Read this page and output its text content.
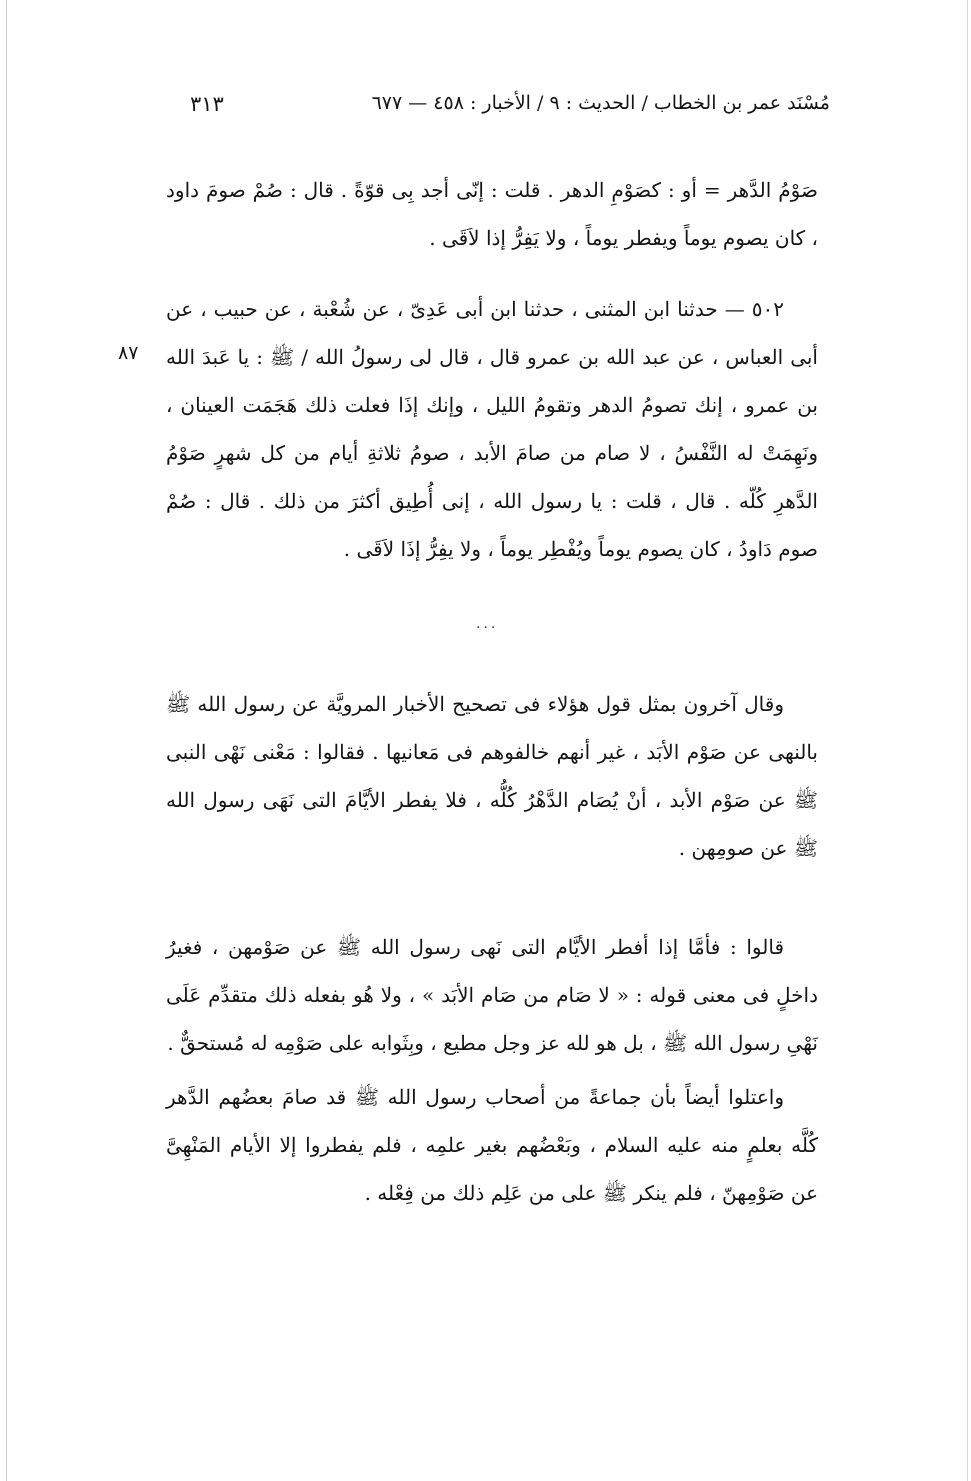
مُسْنَد عمر بن الخطاب / الحديث : ٩ / الأخبار : ٤٥٨ — ٦٧٧
٣١٣

صَوْمُ الدَّهر = أو : كصَوْمِ الدهر . قلت : إنّى أجد بِى قوّةً . قال : صُمْ صومَ داود ، كان يصوم يوماً ويفطر يوماً ، ولا يَفِرُّ إذا لاَقَى .

٥٠٢ — حدثنا ابن المثنى ، حدثنا ابن أبى عَدِىّ ، عن شُعْبة ، عن حبيب ، عن أبى العباس ، عن عبد الله بن عمرو قال ، قال لى رسولُ الله / ﷺ : يا عَبدَ الله بن عمرو ، إنك تصومُ الدهر وتقومُ الليل ، وإنك إذَا فعلت ذلك هَجَمَت العينان ، ونَهِمَتْ له النَّفْسُ ، لا صام من صامَ الأبد ، صومُ ثلاثةِ أيام من كل شهرٍ صَوْمُ الدَّهرِ كُلّه . قال ، قلت : يا رسول الله ، إنى أُطِيق أكثرَ من ذلك . قال : صُمْ صوم دَاودُ ، كان يصوم يوماً ويُفْطِر يوماً ، ولا يفِرُّ إذَا لاَقَى .

٨٧
...

وقال آخرون بمثل قول هؤلاء فى تصحيح الأخبار المرويَّة عن رسول الله ﷺ بالنهى عن صَوْم الأبَد ، غير أنهم خالفوهم فى مَعانيها . فقالوا : مَعْنى نَهْى النبى ﷺ عن صَوْم الأبد ، أنْ يُصَام الدَّهْرُ كُلُّه ، فلا يفطر الأيَّامَ التى نَهَى رسول الله ﷺ عن صومِهن .

قالوا : فأمَّا إذا أفطر الأيَّام التى نَهى رسول الله ﷺ عن صَوْمهن ، فغيرُ داخلٍ فى معنى قوله : « لا صَام من صَام الأبَد » ، ولا هُو بفعله ذلك متقدِّم عَلَى نَهْىِ رسول الله ﷺ ، بل هو لله عز وجل مطيع ، وبِثَوابه على صَوْمِه له مُستحقٌّ .

واعتلوا أيضاً بأن جماعةً من أصحاب رسول الله ﷺ قد صامَ بعضُهم الدَّهر كُلَّه بعلمٍ منه عليه السلام ، وبَعْضُهم بغير علمِه ، فلم يفطروا إلا الأيام المَنْهِىَّ عن صَوْمِهنّ ، فلم ينكر ﷺ على من عَلِم ذلك من فِعْله .
